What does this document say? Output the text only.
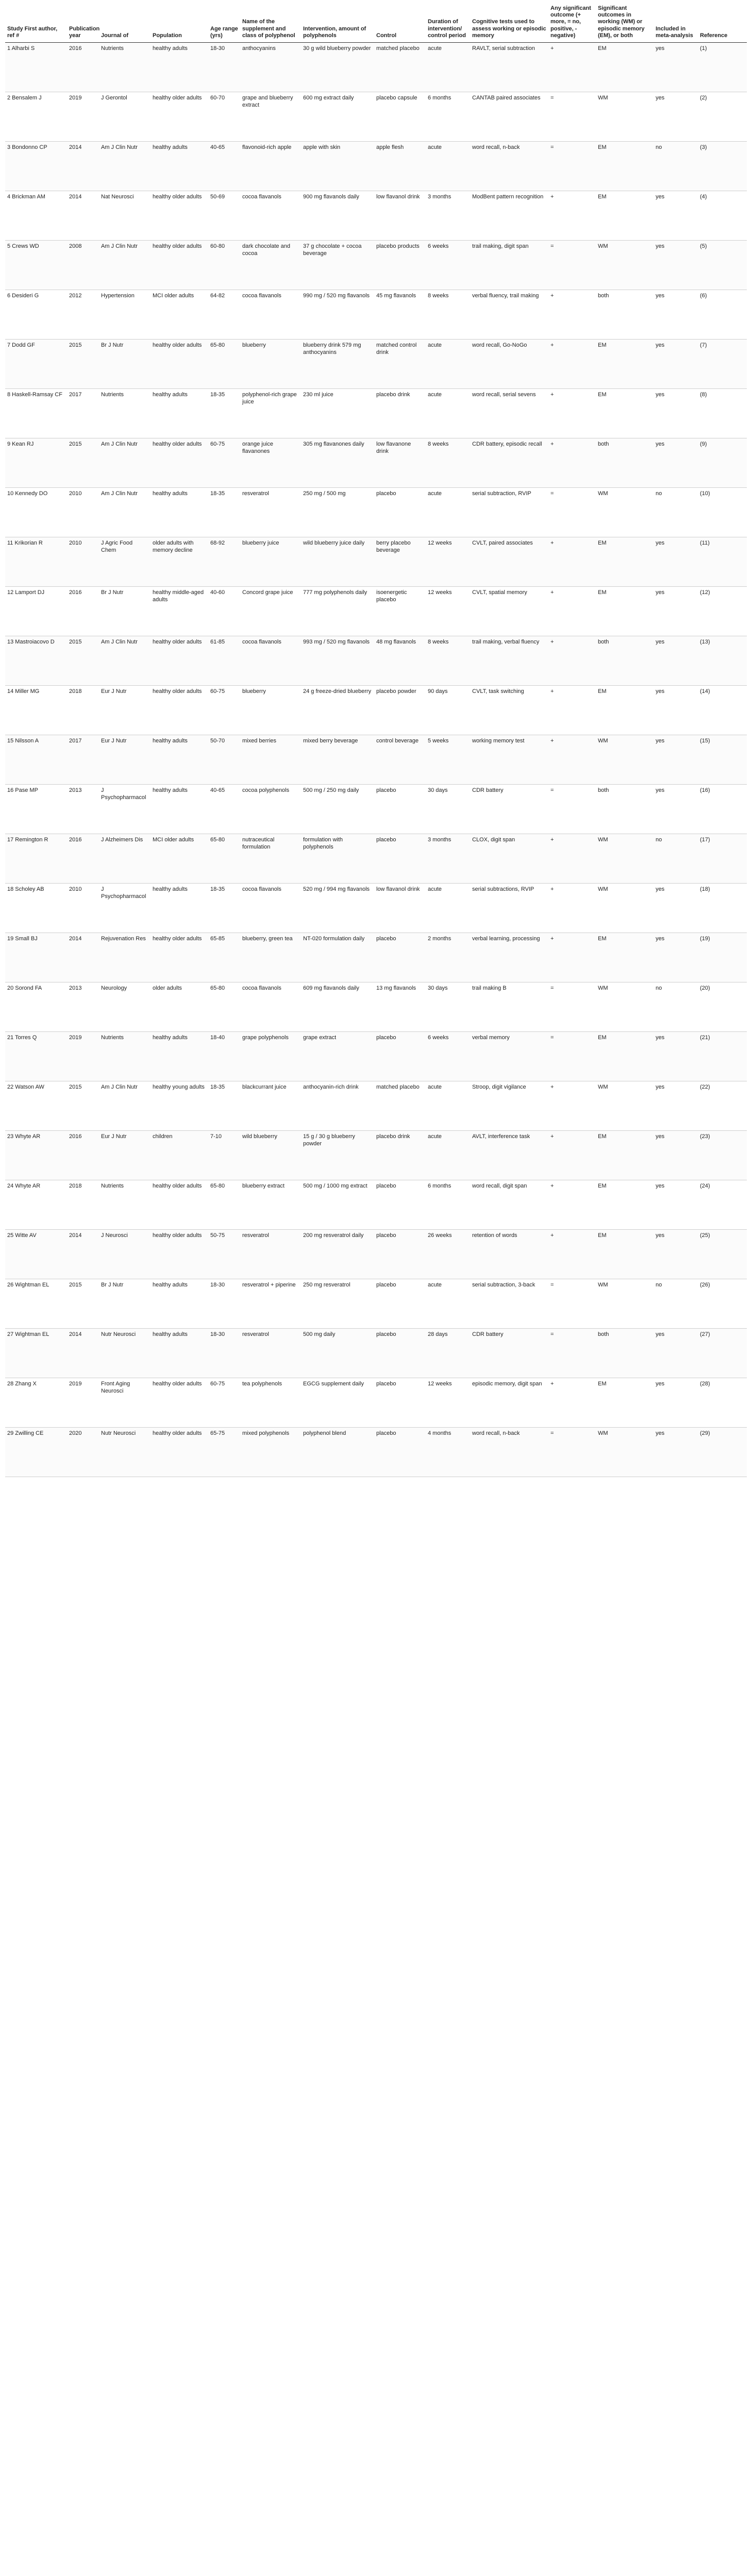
Study First author, ref #	Publication year	Journal of	Population	Age range (yrs)	Name of the supplement and class of polyphenol	Intervention, amount of polyphenols	Control	Duration of intervention/ control period	Cognitive tests used to assess working or episodic memory	Any significant outcome (+ more, = no, positive, - negative)	Significant outcomes in working (WM) or episodic memory (EM), or both	Included in meta-analysis	Reference
1 Alharbi S	2016	Nutrients	healthy adults	18-30	anthocyanins	30 g wild blueberry powder	matched placebo	acute	RAVLT, serial subtraction	+	EM	yes	(1)
2 Bensalem J	2019	J Gerontol	healthy older adults	60-70	grape and blueberry extract	600 mg extract daily	placebo capsule	6 months	CANTAB paired associates	=	WM	yes	(2)
3 Bondonno CP	2014	Am J Clin Nutr	healthy adults	40-65	flavonoid-rich apple	apple with skin	apple flesh	acute	word recall, n-back	=	EM	no	(3)
4 Brickman AM	2014	Nat Neurosci	healthy older adults	50-69	cocoa flavanols	900 mg flavanols daily	low flavanol drink	3 months	ModBent pattern recognition	+	EM	yes	(4)
5 Crews WD	2008	Am J Clin Nutr	healthy older adults	60-80	dark chocolate and cocoa	37 g chocolate + cocoa beverage	placebo products	6 weeks	trail making, digit span	=	WM	yes	(5)
6 Desideri G	2012	Hypertension	MCI older adults	64-82	cocoa flavanols	990 mg / 520 mg flavanols	45 mg flavanols	8 weeks	verbal fluency, trail making	+	both	yes	(6)
7 Dodd GF	2015	Br J Nutr	healthy older adults	65-80	blueberry	blueberry drink 579 mg anthocyanins	matched control drink	acute	word recall, Go-NoGo	+	EM	yes	(7)
8 Haskell-Ramsay CF	2017	Nutrients	healthy adults	18-35	polyphenol-rich grape juice	230 ml juice	placebo drink	acute	word recall, serial sevens	+	EM	yes	(8)
9 Kean RJ	2015	Am J Clin Nutr	healthy older adults	60-75	orange juice flavanones	305 mg flavanones daily	low flavanone drink	8 weeks	CDR battery, episodic recall	+	both	yes	(9)
10 Kennedy DO	2010	Am J Clin Nutr	healthy adults	18-35	resveratrol	250 mg / 500 mg	placebo	acute	serial subtraction, RVIP	=	WM	no	(10)
11 Krikorian R	2010	J Agric Food Chem	older adults with memory decline	68-92	blueberry juice	wild blueberry juice daily	berry placebo beverage	12 weeks	CVLT, paired associates	+	EM	yes	(11)
12 Lamport DJ	2016	Br J Nutr	healthy middle-aged adults	40-60	Concord grape juice	777 mg polyphenols daily	isoenergetic placebo	12 weeks	CVLT, spatial memory	+	EM	yes	(12)
13 Mastroiacovo D	2015	Am J Clin Nutr	healthy older adults	61-85	cocoa flavanols	993 mg / 520 mg flavanols	48 mg flavanols	8 weeks	trail making, verbal fluency	+	both	yes	(13)
14 Miller MG	2018	Eur J Nutr	healthy older adults	60-75	blueberry	24 g freeze-dried blueberry	placebo powder	90 days	CVLT, task switching	+	EM	yes	(14)
15 Nilsson A	2017	Eur J Nutr	healthy adults	50-70	mixed berries	mixed berry beverage	control beverage	5 weeks	working memory test	+	WM	yes	(15)
16 Pase MP	2013	J Psychopharmacol	healthy adults	40-65	cocoa polyphenols	500 mg / 250 mg daily	placebo	30 days	CDR battery	=	both	yes	(16)
17 Remington R	2016	J Alzheimers Dis	MCI older adults	65-80	nutraceutical formulation	formulation with polyphenols	placebo	3 months	CLOX, digit span	+	WM	no	(17)
18 Scholey AB	2010	J Psychopharmacol	healthy adults	18-35	cocoa flavanols	520 mg / 994 mg flavanols	low flavanol drink	acute	serial subtractions, RVIP	+	WM	yes	(18)
19 Small BJ	2014	Rejuvenation Res	healthy older adults	65-85	blueberry, green tea	NT-020 formulation daily	placebo	2 months	verbal learning, processing	+	EM	yes	(19)
20 Sorond FA	2013	Neurology	older adults	65-80	cocoa flavanols	609 mg flavanols daily	13 mg flavanols	30 days	trail making B	=	WM	no	(20)
21 Torres Q	2019	Nutrients	healthy adults	18-40	grape polyphenols	grape extract	placebo	6 weeks	verbal memory	=	EM	yes	(21)
22 Watson AW	2015	Am J Clin Nutr	healthy young adults	18-35	blackcurrant juice	anthocyanin-rich drink	matched placebo	acute	Stroop, digit vigilance	+	WM	yes	(22)
23 Whyte AR	2016	Eur J Nutr	children	7-10	wild blueberry	15 g / 30 g blueberry powder	placebo drink	acute	AVLT, interference task	+	EM	yes	(23)
24 Whyte AR	2018	Nutrients	healthy older adults	65-80	blueberry extract	500 mg / 1000 mg extract	placebo	6 months	word recall, digit span	+	EM	yes	(24)
25 Witte AV	2014	J Neurosci	healthy older adults	50-75	resveratrol	200 mg resveratrol daily	placebo	26 weeks	retention of words	+	EM	yes	(25)
26 Wightman EL	2015	Br J Nutr	healthy adults	18-30	resveratrol + piperine	250 mg resveratrol	placebo	acute	serial subtraction, 3-back	=	WM	no	(26)
27 Wightman EL	2014	Nutr Neurosci	healthy adults	18-30	resveratrol	500 mg daily	placebo	28 days	CDR battery	=	both	yes	(27)
28 Zhang X	2019	Front Aging Neurosci	healthy older adults	60-75	tea polyphenols	EGCG supplement daily	placebo	12 weeks	episodic memory, digit span	+	EM	yes	(28)
29 Zwilling CE	2020	Nutr Neurosci	healthy older adults	65-75	mixed polyphenols	polyphenol blend	placebo	4 months	word recall, n-back	=	WM	yes	(29)
